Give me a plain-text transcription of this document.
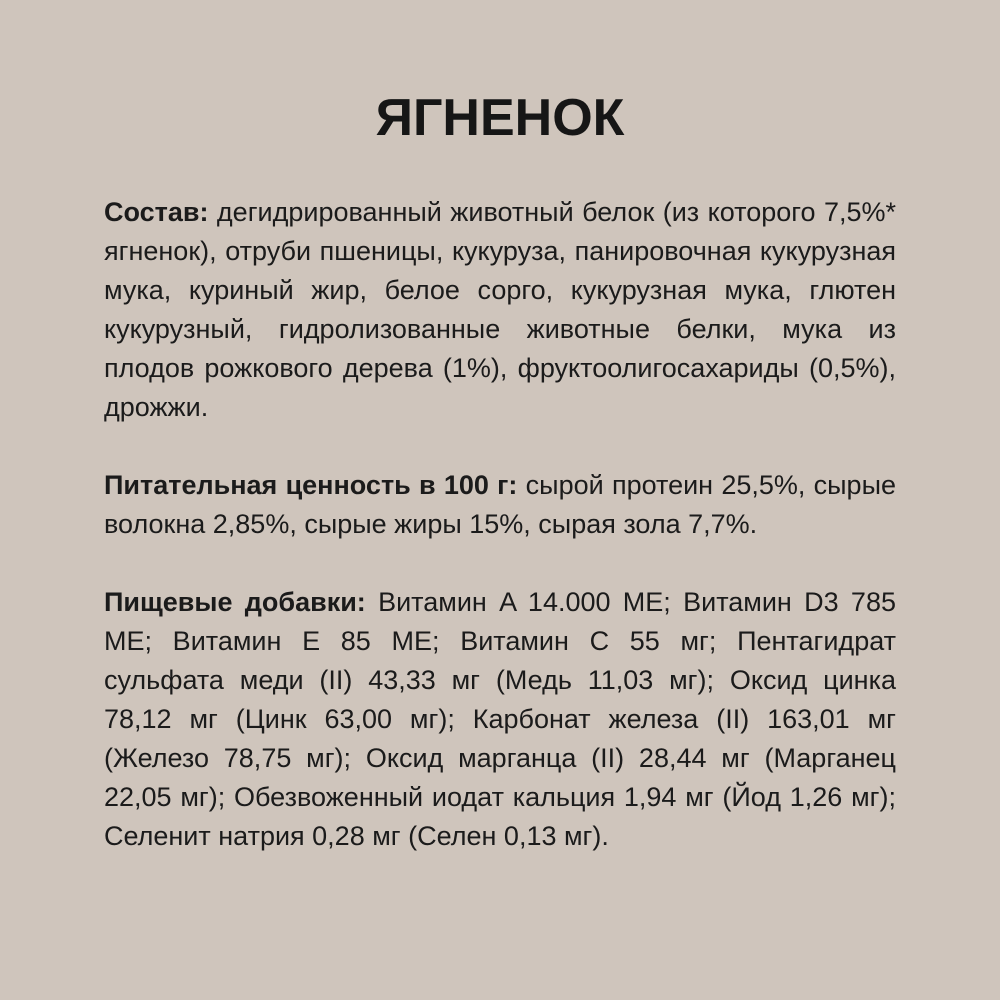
ЯГНЕНОК

Состав: дегидрированный животный белок (из которого 7,5%* ягненок), отруби пшеницы, кукуруза, панировочная кукурузная мука, куриный жир, белое сорго, кукурузная мука, глютен кукурузный, гидролизованные животные белки, мука из плодов рожкового дерева (1%), фруктоолигосахариды (0,5%), дрожжи.

Питательная ценность в 100 г: сырой протеин 25,5%, сырые волокна 2,85%, сырые жиры 15%, сырая зола 7,7%.

Пищевые добавки: Витамин A 14.000 МЕ; Витамин D3 785 МЕ; Витамин E 85 МЕ; Витамин C 55 мг; Пентагидрат сульфата меди (II) 43,33 мг (Медь 11,03 мг); Оксид цинка 78,12 мг (Цинк 63,00 мг); Карбонат железа (II) 163,01 мг (Железо 78,75 мг); Оксид марганца (II) 28,44 мг (Марганец 22,05 мг); Обезвоженный иодат кальция 1,94 мг (Йод 1,26 мг); Селенит натрия 0,28 мг (Селен 0,13 мг).
